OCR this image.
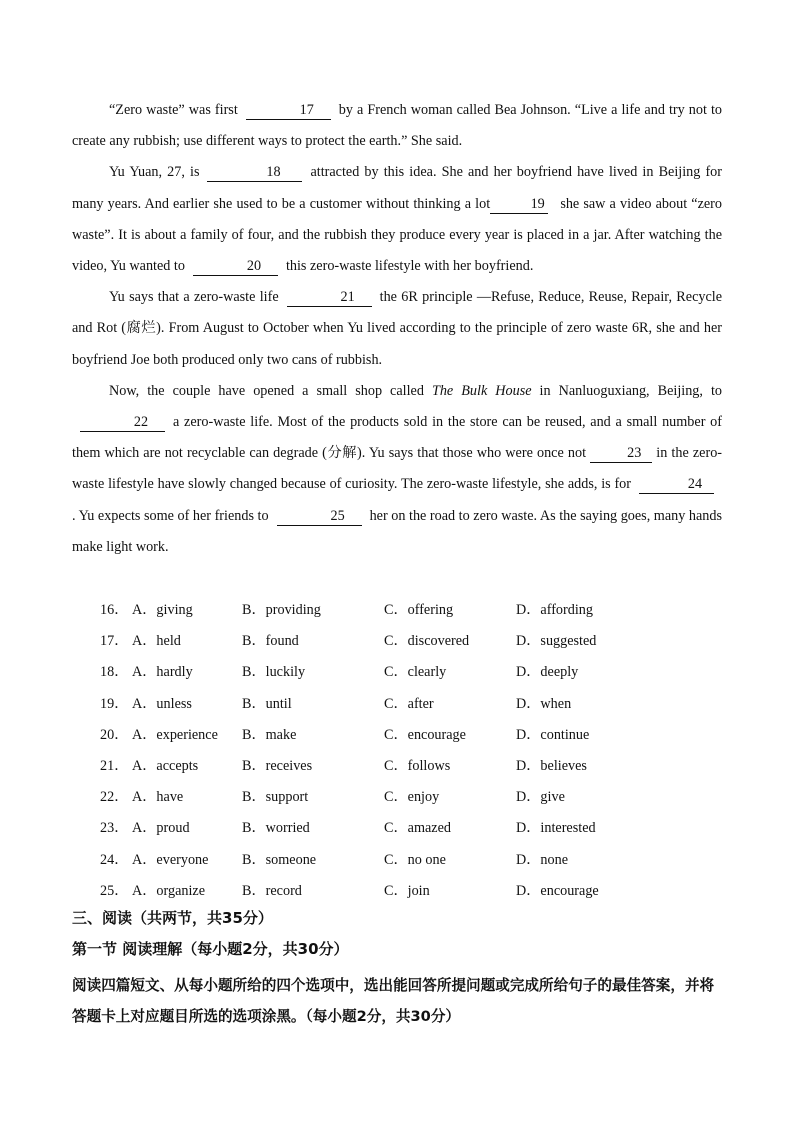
“Zero waste” was first	17 by a French woman called Bea Johnson. “Live a life and try not to create any rubbish; use different ways to protect the earth.” She said.

Yu Yuan, 27, is	18 attracted by this idea. She and her boyfriend have lived in Beijing for many years. And earlier she used to be a customer without thinking a lot	19 she saw a video about “zero waste”. It is about a family of four, and the rubbish they produce every year is placed in a jar. After watching the video, Yu wanted to	20 this zero-waste lifestyle with her boyfriend.

Yu says that a zero-waste life	21 the 6R principle —Refuse, Reduce, Reuse, Repair, Recycle and Rot (腐烂). From August to October when Yu lived according to the principle of zero waste 6R, she and her boyfriend Joe both produced only two cans of rubbish.

Now, the couple have opened a small shop called The Bulk House in Nanluoguxiang, Beijing, to22 a zero-waste life. Most of the products sold in the store can be reused, and a small number of them which are not recyclable can degrade (分解). Yu says that those who were once not	23 in the zero-waste lifestyle have slowly changed because of curiosity. The zero-waste lifestyle, she adds, is for	24. Yu expects some of her friends to	25 her on the road to zero waste. As the saying goes, many hands make light work.

16． A．giving	B．providing	C．offering	D．affording
17． A．held	B．found	C．discovered	D．suggested
18． A．hardly	B．luckily	C．clearly	D．deeply
19． A．unless	B．until	C．after	D．when
20． A．experience B．make	C．encourage	D．continue
21． A．accepts	B．receives	C．follows	D．believes
22． A．have	B．support	C．enjoy	D．give
23． A．proud	B．worried	C．amazed	D．interested
24． A．everyone B．someone	C．no one	D．none
25． A．organize	B．record	C．join	D．encourage
三、阅读（共两节，共35分）
第一节 阅读理解（每小题2分，共30分）
阅读四篇短文、从每小题所给的四个选项中，选出能回答所提问题或完成所给句子的最佳答案，并将答题卡上对应题目所选的选项涂黑。（每小题2分，共30分）
